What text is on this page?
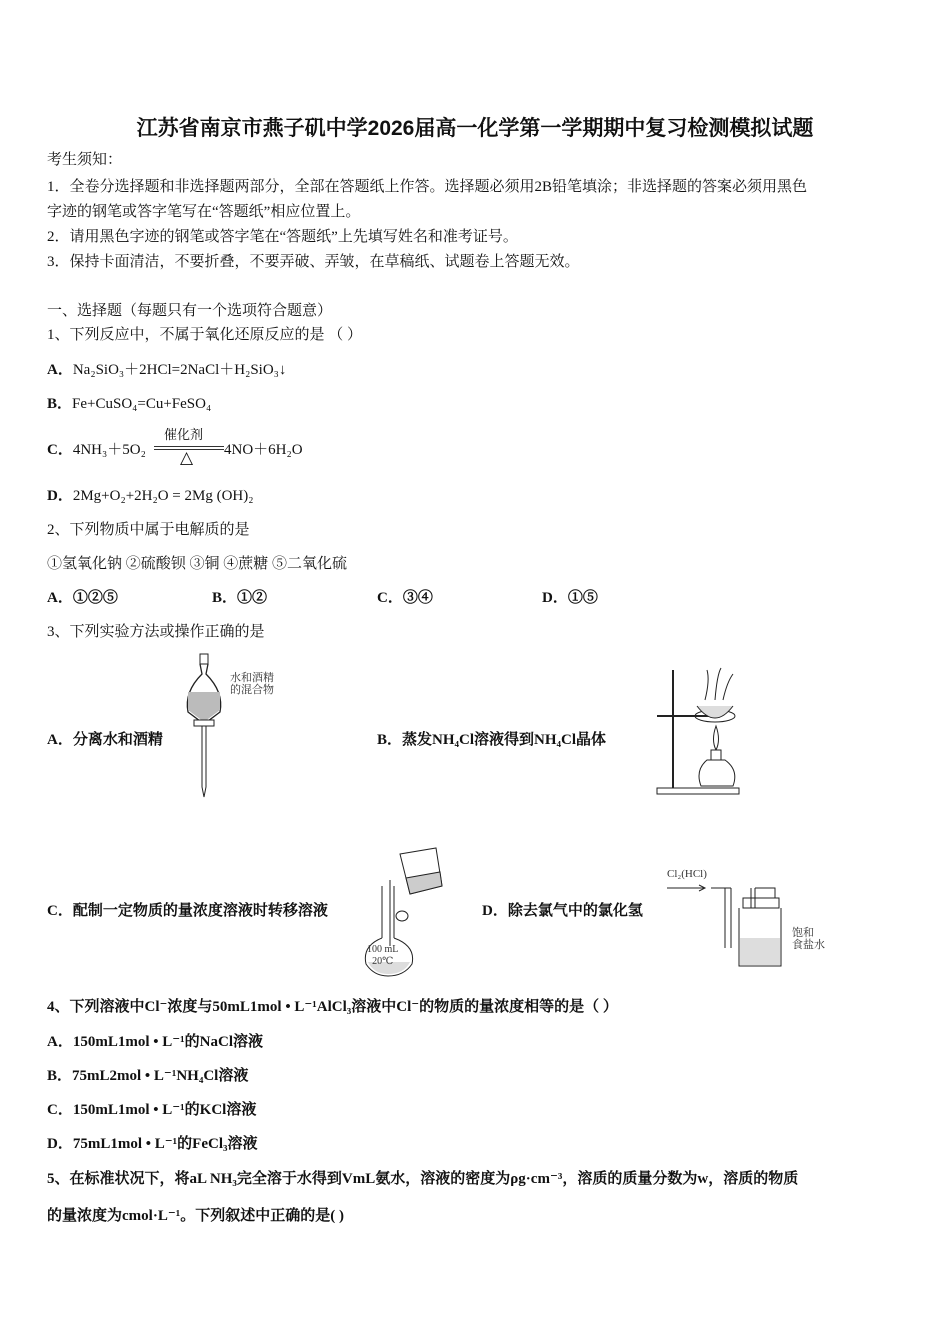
江苏省南京市燕子矶中学2026届高一化学第一学期期中复习检测模拟试题
考生须知：
1．全卷分选择题和非选择题两部分，全部在答题纸上作答。选择题必须用2B铅笔填涂；非选择题的答案必须用黑色
字迹的钢笔或答字笔写在“答题纸”相应位置上。
2．请用黑色字迹的钢笔或答字笔在“答题纸”上先填写姓名和准考证号。
3．保持卡面清洁，不要折叠，不要弄破、弄皱，在草稿纸、试题卷上答题无效。
一、选择题（每题只有一个选项符合题意）
1、下列反应中，不属于氧化还原反应的是 （ ）
A．Na₂SiO₃＋2HCl=2NaCl＋H₂SiO₃↓
B．Fe+CuSO₄=Cu+FeSO₄
C．4NH₃＋5O₂
催化剂
△ 4NO＋6H₂O
D．2Mg+O₂+2H₂O = 2Mg (OH)₂
2、下列物质中属于电解质的是
①氢氧化钠 ②硫酸钡 ③铜 ④蔗糖 ⑤二氧化硫
A．①②⑤	B．①②	C．③④	D．①⑤
3、下列实验方法或操作正确的是
A．分离水和酒精
水和酒精
的混合物
B．蒸发NH₄Cl溶液得到NH₄Cl晶体
C．配制一定物质的量浓度溶液时转移溶液
100 mL
20℃
D．除去氯气中的氯化氢
Cl₂(HCl)
饱和
食盐水
4、下列溶液中Cl⁻浓度与50mL1mol • L⁻¹AlCl₃溶液中Cl⁻的物质的量浓度相等的是（ ）
A．150mL1mol • L⁻¹的NaCl溶液
B．75mL2mol • L⁻¹NH₄Cl溶液
C．150mL1mol • L⁻¹的KCl溶液
D．75mL1mol • L⁻¹的FeCl₃溶液
5、在标准状况下，将aL NH₃完全溶于水得到VmL氨水，溶液的密度为ρg·cm⁻³，溶质的质量分数为w，溶质的物质
的量浓度为cmol·L⁻¹。下列叙述中正确的是( )
